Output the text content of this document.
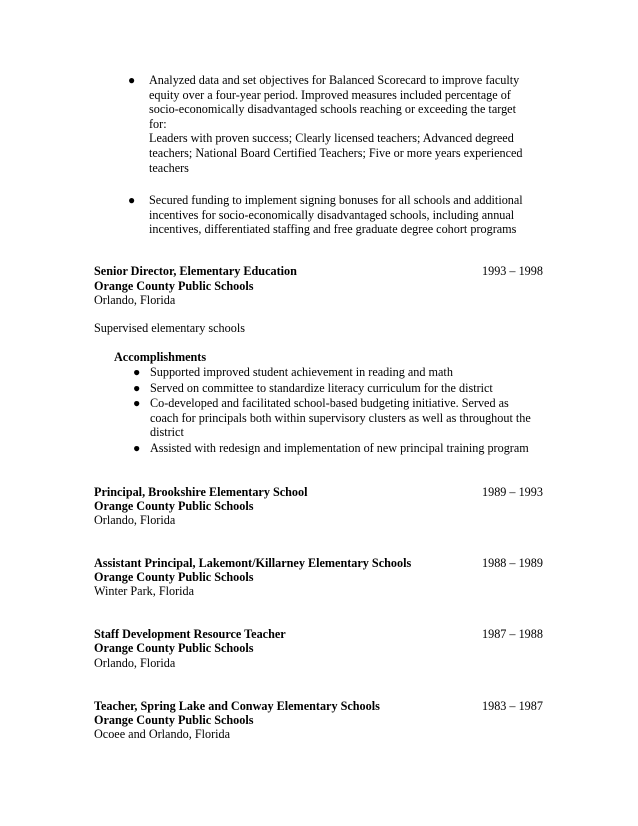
● Analyzed data and set objectives for Balanced Scorecard to improve faculty
equity over a four-year period. Improved measures included percentage of
socio-economically disadvantaged schools reaching or exceeding the target
for:
Leaders with proven success; Clearly licensed teachers; Advanced degreed
teachers; National Board Certified Teachers; Five or more years experienced
teachers
● Secured funding to implement signing bonuses for all schools and additional
incentives for socio-economically disadvantaged schools, including annual
incentives, differentiated staffing and free graduate degree cohort programs
Senior Director, Elementary Education	1993 – 1998
Orange County Public Schools
Orlando, Florida
Supervised elementary schools
Accomplishments
● Supported improved student achievement in reading and math
● Served on committee to standardize literacy curriculum for the district
● Co-developed and facilitated school-based budgeting initiative. Served as
coach for principals both within supervisory clusters as well as throughout the
district
● Assisted with redesign and implementation of new principal training program
Principal, Brookshire Elementary School	1989 – 1993
Orange County Public Schools
Orlando, Florida
Assistant Principal, Lakemont/Killarney Elementary Schools	1988 – 1989
Orange County Public Schools
Winter Park, Florida
Staff Development Resource Teacher	1987 – 1988
Orange County Public Schools
Orlando, Florida
Teacher, Spring Lake and Conway Elementary Schools	1983 – 1987
Orange County Public Schools
Ocoee and Orlando, Florida
